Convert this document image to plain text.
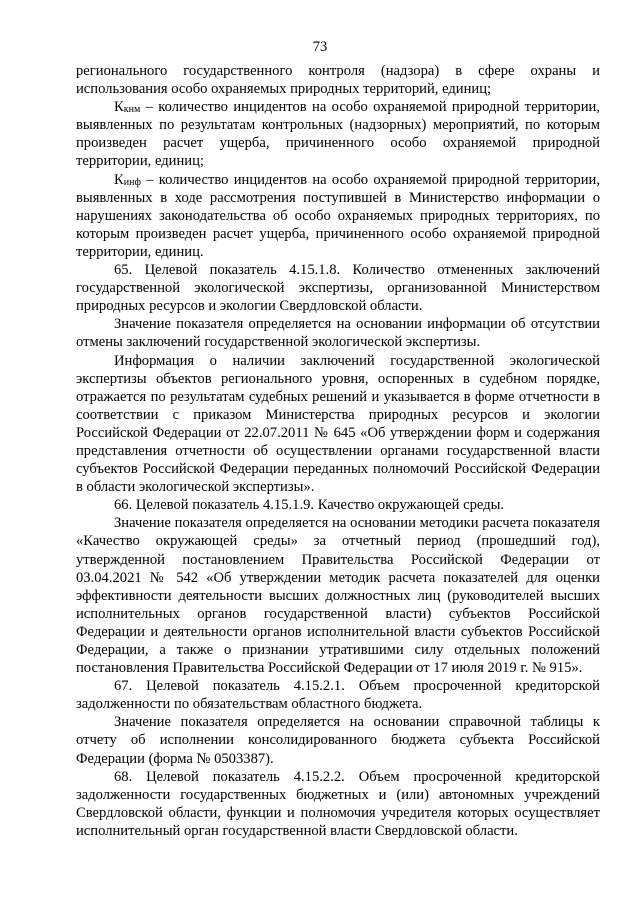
73

регионального государственного контроля (надзора) в сфере охраны и использования особо охраняемых природных территорий, единиц;

$К_{кнм}$ – количество инцидентов на особо охраняемой природной территории, выявленных по результатам контрольных (надзорных) мероприятий, по которым произведен расчет ущерба, причиненного особо охраняемой природной территории, единиц;

$К_{инф}$ – количество инцидентов на особо охраняемой природной территории, выявленных в ходе рассмотрения поступившей в Министерство информации о нарушениях законодательства об особо охраняемых природных территориях, по которым произведен расчет ущерба, причиненного особо охраняемой природной территории, единиц.

65. Целевой показатель 4.15.1.8. Количество отмененных заключений государственной экологической экспертизы, организованной Министерством природных ресурсов и экологии Свердловской области.

Значение показателя определяется на основании информации об отсутствии отмены заключений государственной экологической экспертизы.

Информация о наличии заключений государственной экологической экспертизы объектов регионального уровня, оспоренных в судебном порядке, отражается по результатам судебных решений и указывается в форме отчетности в соответствии с приказом Министерства природных ресурсов и экологии Российской Федерации от 22.07.2011 № 645 «Об утверждении форм и содержания представления отчетности об осуществлении органами государственной власти субъектов Российской Федерации переданных полномочий Российской Федерации в области экологической экспертизы».

66. Целевой показатель 4.15.1.9. Качество окружающей среды.

Значение показателя определяется на основании методики расчета показателя «Качество окружающей среды» за отчетный период (прошедший год), утвержденной постановлением Правительства Российской Федерации от 03.04.2021 № 542 «Об утверждении методик расчета показателей для оценки эффективности деятельности высших должностных лиц (руководителей высших исполнительных органов государственной власти) субъектов Российской Федерации и деятельности органов исполнительной власти субъектов Российской Федерации, а также о признании утратившими силу отдельных положений постановления Правительства Российской Федерации от 17 июля 2019 г. № 915».

67. Целевой показатель 4.15.2.1. Объем просроченной кредиторской задолженности по обязательствам областного бюджета.

Значение показателя определяется на основании справочной таблицы к отчету об исполнении консолидированного бюджета субъекта Российской Федерации (форма № 0503387).

68. Целевой показатель 4.15.2.2. Объем просроченной кредиторской задолженности государственных бюджетных и (или) автономных учреждений Свердловской области, функции и полномочия учредителя которых осуществляет исполнительный орган государственной власти Свердловской области.
